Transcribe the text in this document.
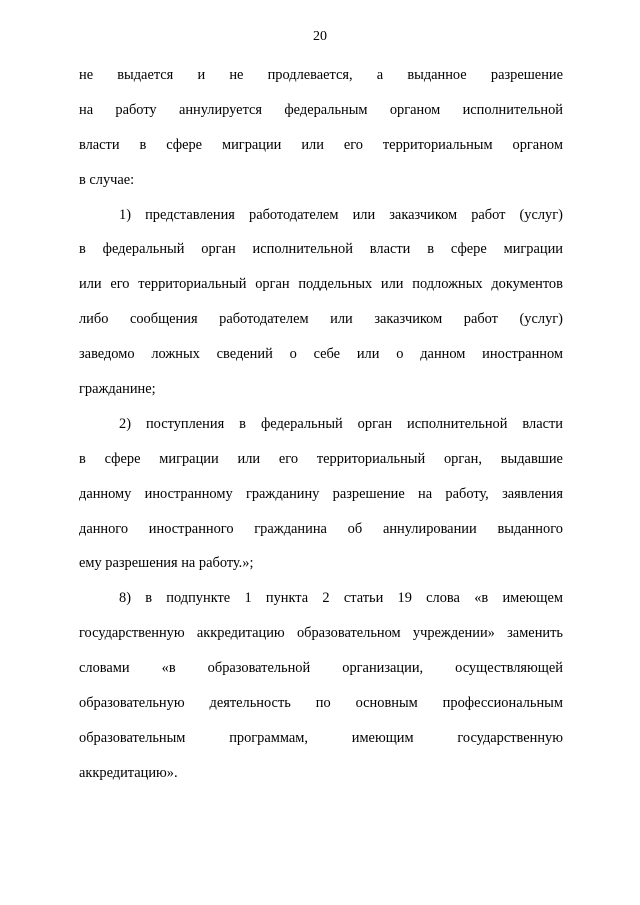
20
не выдается и не продлевается, а выданное разрешение
на работу аннулируется федеральным органом исполнительной
власти в сфере миграции или его территориальным органом
в случае:
1) представления работодателем или заказчиком работ (услуг)
в федеральный орган исполнительной власти в сфере миграции
или его территориальный орган поддельных или подложных документов
либо сообщения работодателем или заказчиком работ (услуг)
заведомо ложных сведений о себе или о данном иностранном
гражданине;
2) поступления в федеральный орган исполнительной власти
в сфере миграции или его территориальный орган, выдавшие
данному иностранному гражданину разрешение на работу, заявления
данного иностранного гражданина об аннулировании выданного
ему разрешения на работу.»;
8) в подпункте 1 пункта 2 статьи 19 слова «в имеющем
государственную аккредитацию образовательном учреждении» заменить
словами «в образовательной организации, осуществляющей
образовательную деятельность по основным профессиональным
образовательным	программам,	имеющим	государственную
аккредитацию».
